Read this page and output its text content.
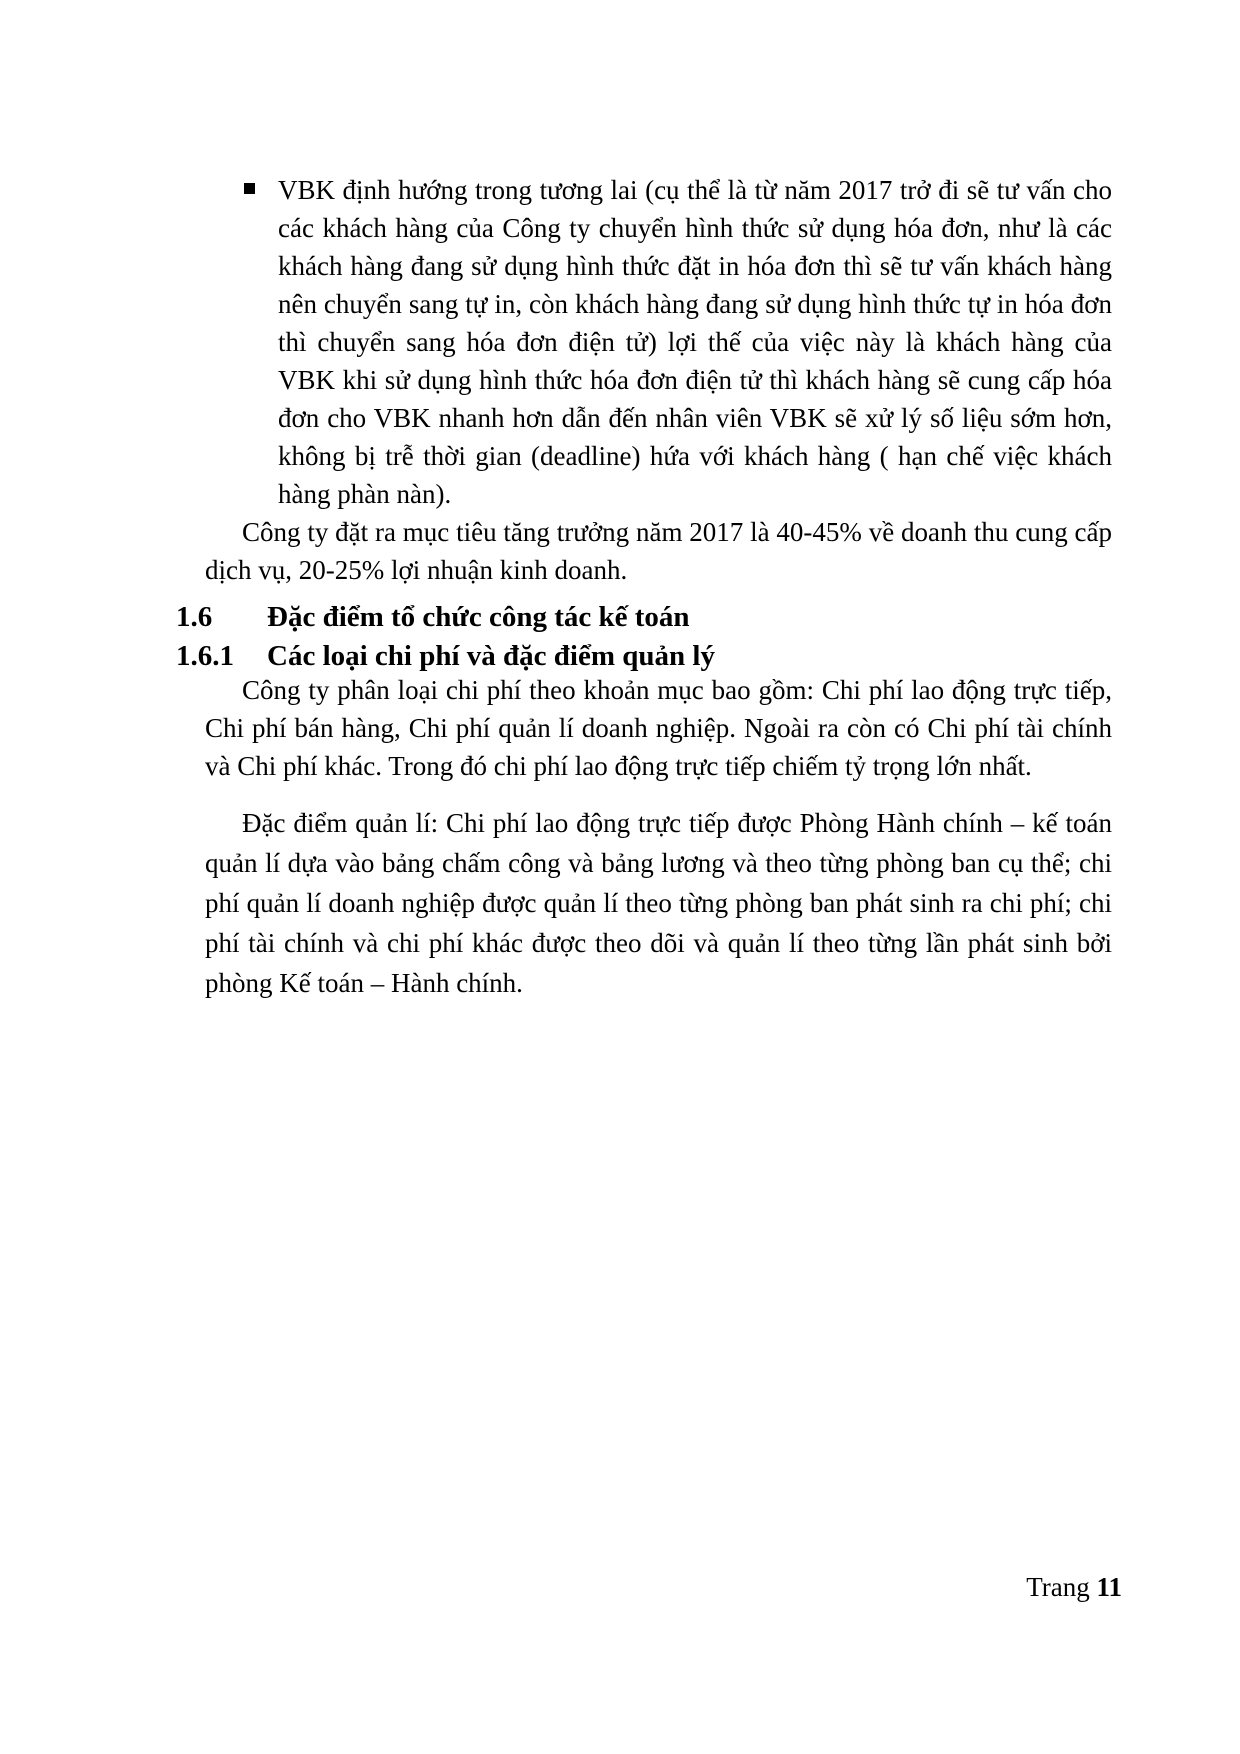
VBK định hướng trong tương lai (cụ thể là từ năm 2017 trở đi sẽ tư vấn cho các khách hàng của Công ty chuyển hình thức sử dụng hóa đơn, như là các khách hàng đang sử dụng hình thức đặt in hóa đơn thì sẽ tư vấn khách hàng nên chuyển sang tự in, còn khách hàng đang sử dụng hình thức tự in hóa đơn thì chuyển sang hóa đơn điện tử) lợi thế của việc này là khách hàng của VBK khi sử dụng hình thức hóa đơn điện tử thì khách hàng sẽ cung cấp hóa đơn cho VBK nhanh hơn dẫn đến nhân viên VBK sẽ xử lý số liệu sớm hơn, không bị trễ thời gian (deadline) hứa với khách hàng ( hạn chế việc khách hàng phàn nàn).
Công ty đặt ra mục tiêu tăng trưởng năm 2017 là 40-45% về doanh thu cung cấp dịch vụ, 20-25% lợi nhuận kinh doanh.
1.6	Đặc điểm tổ chức công tác kế toán
1.6.1	Các loại chi phí và đặc điểm quản lý
Công ty phân loại chi phí theo khoản mục bao gồm: Chi phí lao động trực tiếp, Chi phí bán hàng, Chi phí quản lí doanh nghiệp. Ngoài ra còn có Chi phí tài chính và Chi phí khác. Trong đó chi phí lao động trực tiếp chiếm tỷ trọng lớn nhất.
Đặc điểm quản lí: Chi phí lao động trực tiếp được Phòng Hành chính – kế toán quản lí dựa vào bảng chấm công và bảng lương và theo từng phòng ban cụ thể; chi phí quản lí doanh nghiệp được quản lí theo từng phòng ban phát sinh ra chi phí; chi phí tài chính và chi phí khác được theo dõi và quản lí theo từng lần phát sinh bởi phòng Kế toán – Hành chính.
Trang 11
